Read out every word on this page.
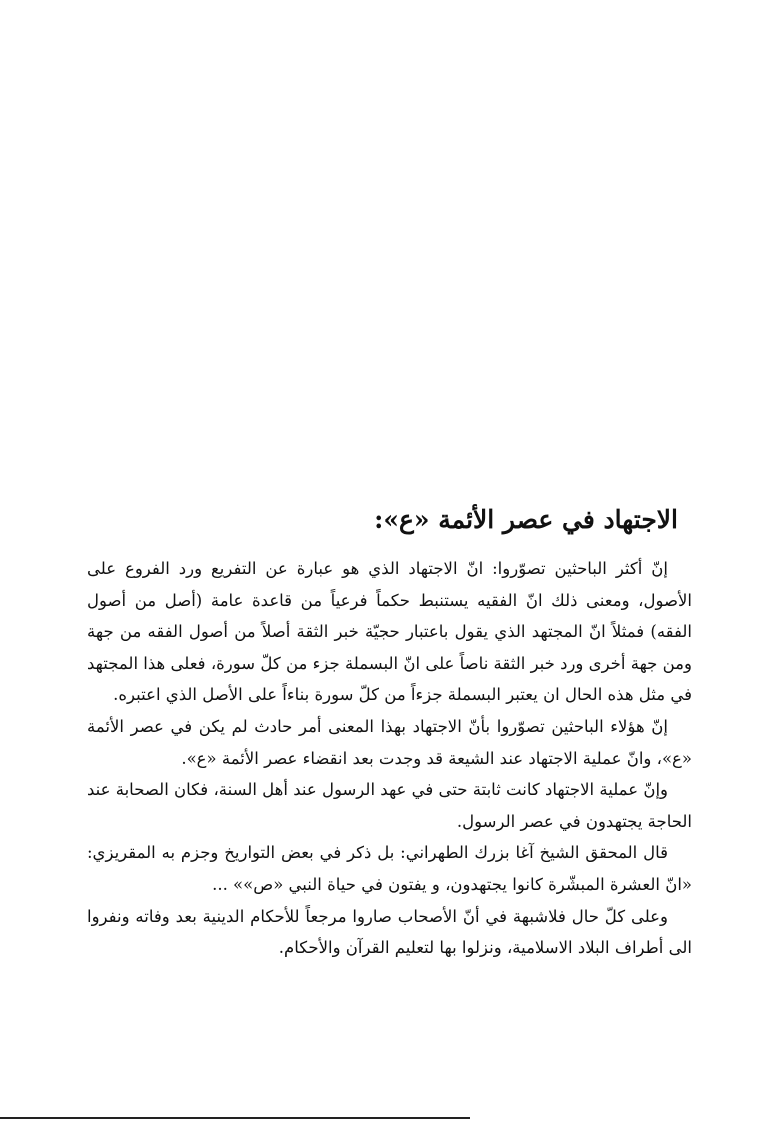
الاجتهاد في عصر الأئمة «ع»:

إنّ أكثر الباحثين تصوّروا: انّ الاجتهاد الذي هو عبارة عن التفريع ورد الفروع على الأصول، ومعنى ذلك انّ الفقيه يستنبط حكماً فرعياً من قاعدة عامة (أصل من أصول الفقه) فمثلاً انّ المجتهد الذي يقول باعتبار حجيّة خبر الثقة أصلاً من أصول الفقه من جهة ومن جهة أخرى ورد خبر الثقة ناصاً على انّ البسملة جزء من كلّ سورة، فعلى هذا المجتهد في مثل هذه الحال ان يعتبر البسملة جزءاً من كلّ سورة بناءاً على الأصل الذي اعتبره.

إنّ هؤلاء الباحثين تصوّروا بأنّ الاجتهاد بهذا المعنى أمر حادث لم يكن في عصر الأئمة «ع»، وانّ عملية الاجتهاد عند الشيعة قد وجدت بعد انقضاء عصر الأئمة «ع».

وإنّ عملية الاجتهاد كانت ثابتة حتى في عهد الرسول عند أهل السنة، فكان الصحابة عند الحاجة يجتهدون في عصر الرسول.

قال المحقق الشيخ آغا بزرك الطهراني: بل ذكر في بعض التواريخ وجزم به المقريزي: «انّ العشرة المبشّرة كانوا يجتهدون، و يفتون في حياة النبي «ص»» ...

وعلى كلّ حال فلاشبهة في أنّ الأصحاب صاروا مرجعاً للأحكام الدينية بعد وفاته ونفروا الى أطراف البلاد الاسلامية، ونزلوا بها لتعليم القرآن والأحكام.
